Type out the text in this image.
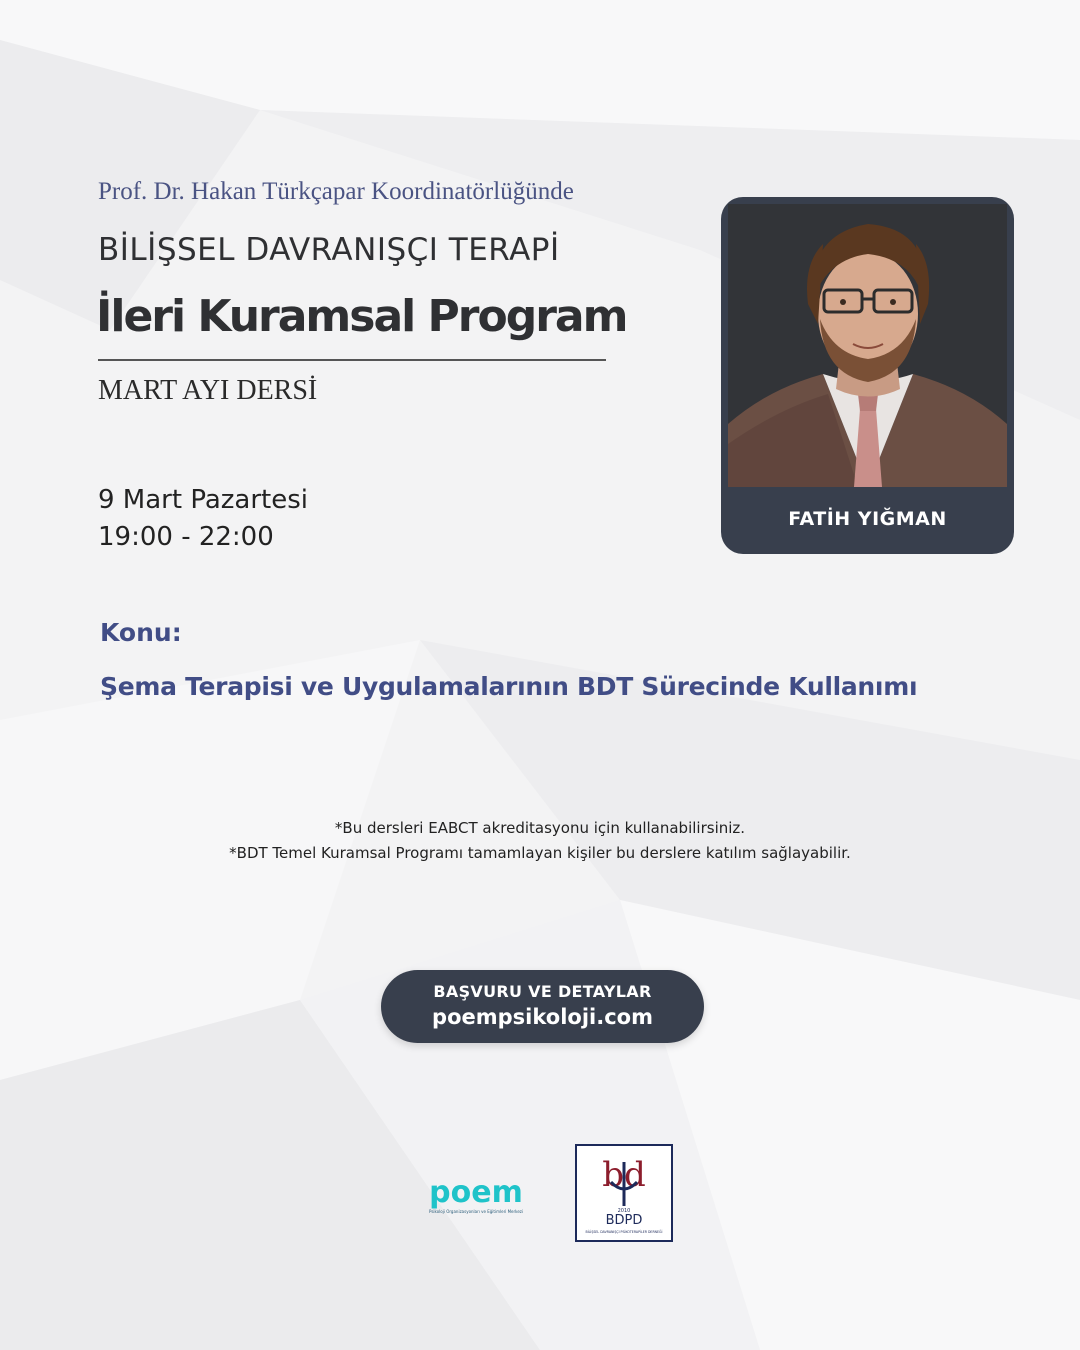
Prof. Dr. Hakan Türkçapar Koordinatörlüğünde

BİLİŞSEL DAVRANIŞÇI TERAPİ
İleri Kuramsal Program

MART AYI DERSİ

9 Mart Pazartesi

19:00 - 22:00

FATİH YIĞMAN

Konu:

Şema Terapisi ve Uygulamalarının BDT Sürecinde Kullanımı

*Bu dersleri EABCT akreditasyonu için kullanabilirsiniz.
*BDT Temel Kuramsal Programı tamamlayan kişiler bu derslere katılım sağlayabilir.
BAŞVURU VE DETAYLAR
poempsikoloji.com
poem
Psikoloji Organizasyonları ve Eğitimleri Merkezi
bd
2010
BDPD
BİLİŞSEL DAVRANIŞÇI PSİKOTERAPİLER DERNEĞİ
